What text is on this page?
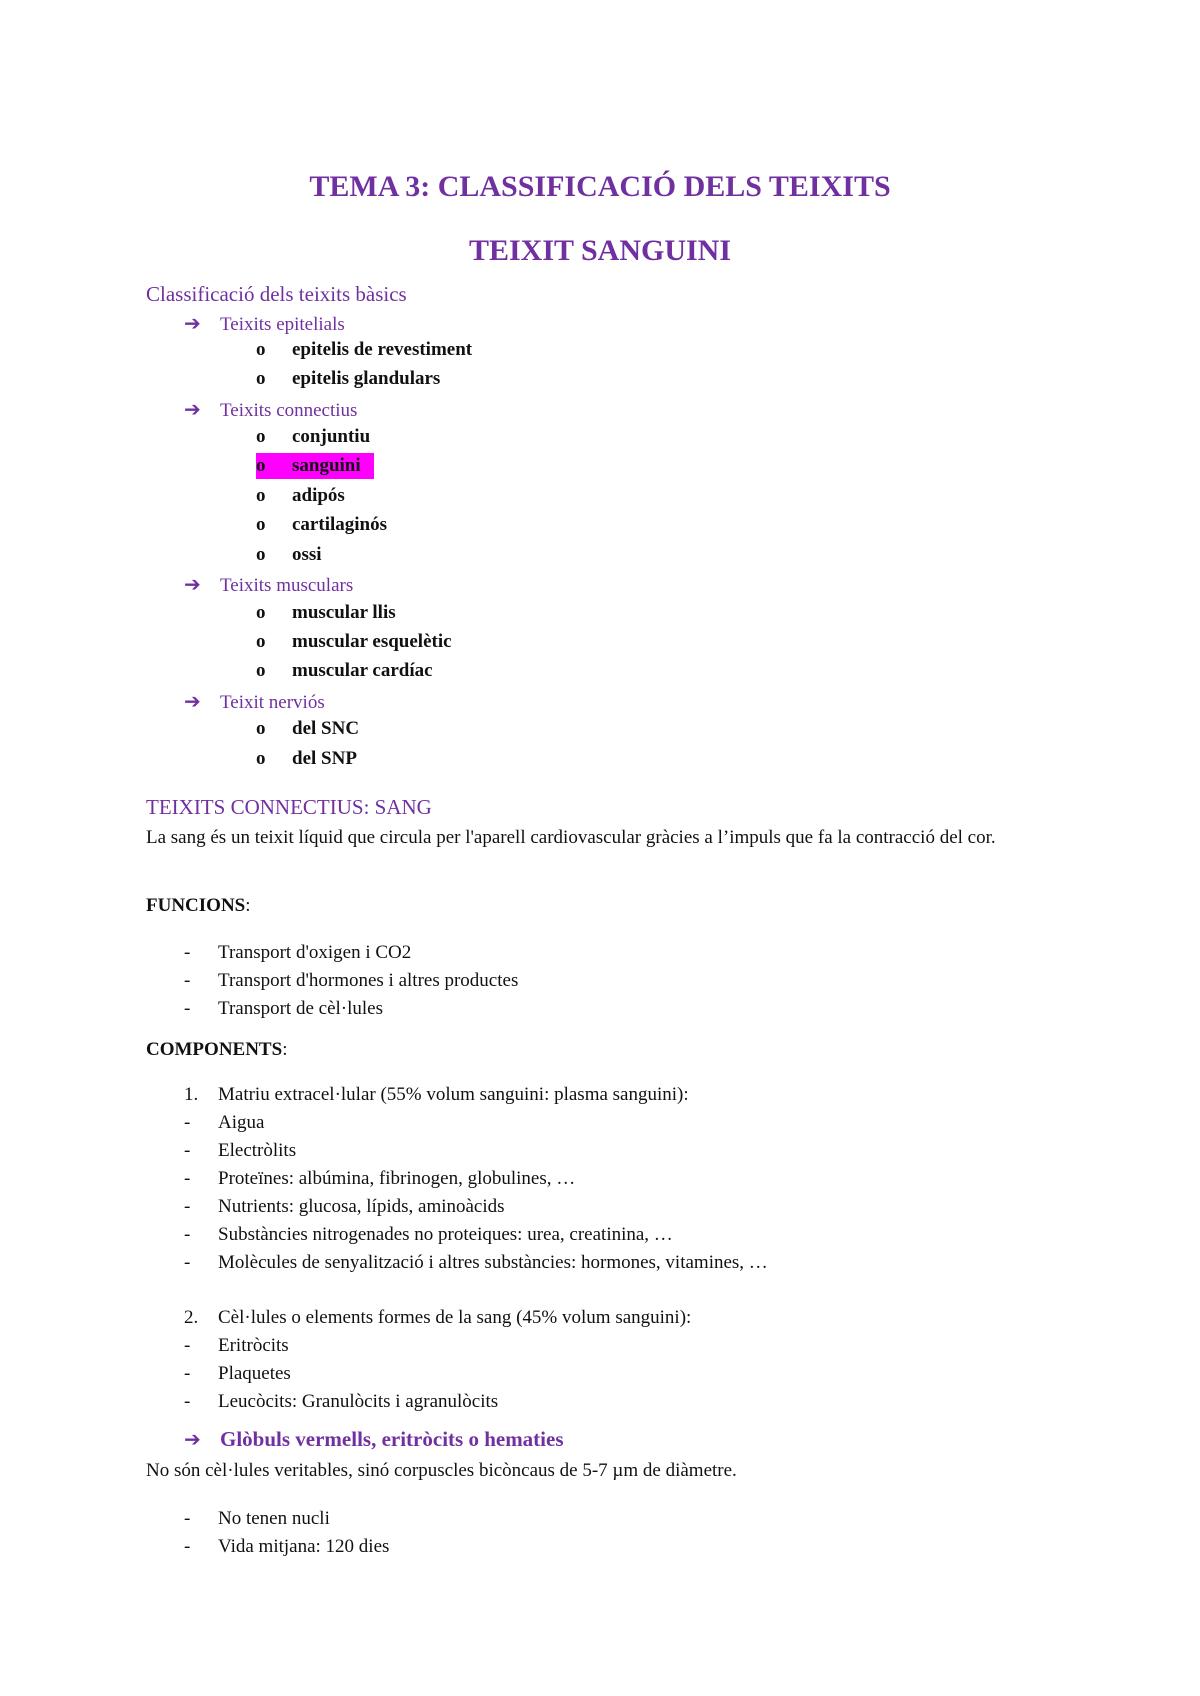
TEMA 3: CLASSIFICACIÓ DELS TEIXITS
TEIXIT SANGUINI
Classificació dels teixits bàsics
➔ Teixits epitelials
o epitelis de revestiment
o epitelis glandulars
➔ Teixits connectius
o conjuntiu
o sanguini
o adipós
o cartilaginós
o ossi
➔ Teixits musculars
o muscular llis
o muscular esquelètic
o muscular cardíac
➔ Teixit nerviós
o del SNC
o del SNP
TEIXITS CONNECTIUS: SANG
La sang és un teixit líquid que circula per l'aparell cardiovascular gràcies a l’impuls que fa la contracció del cor.
FUNCIONS:
- Transport d'oxigen i CO2
- Transport d'hormones i altres productes
- Transport de cèl·lules
COMPONENTS:
1. Matriu extracel·lular (55% volum sanguini: plasma sanguini):
- Aigua
- Electròlits
- Proteïnes: albúmina, fibrinogen, globulines, …
- Nutrients: glucosa, lípids, aminoàcids
- Substàncies nitrogenades no proteiques: urea, creatinina, …
- Molècules de senyalització i altres substàncies: hormones, vitamines, …
2. Cèl·lules o elements formes de la sang (45% volum sanguini):
- Eritròcits
- Plaquetes
- Leucòcits: Granulòcits i agranulòcits
➔ Glòbuls vermells, eritròcits o hematies
No són cèl·lules veritables, sinó corpuscles bicòncaus de 5-7 µm de diàmetre.
- No tenen nucli
- Vida mitjana: 120 dies
